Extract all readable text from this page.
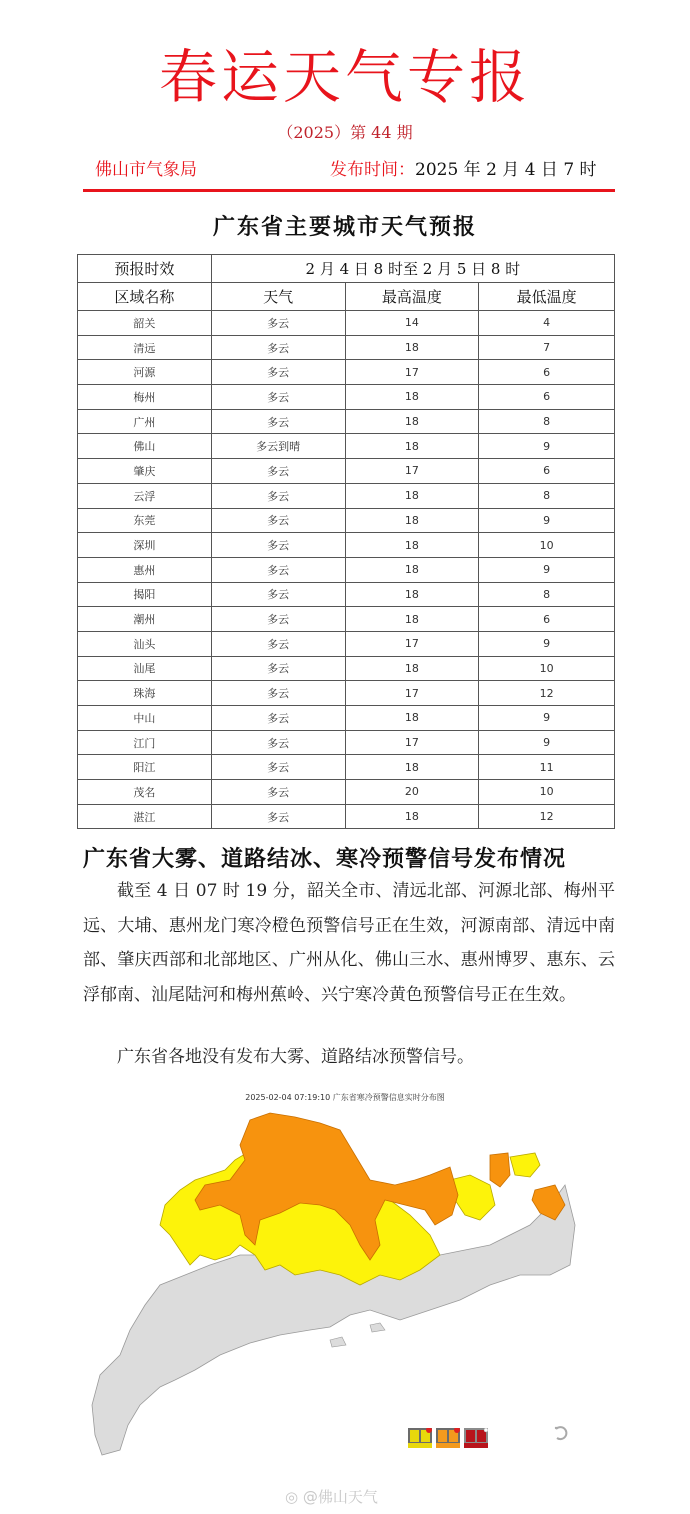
春运天气专报
（2025）第 44 期
佛山市气象局	发布时间：2025 年 2 月 4 日 7 时
广东省主要城市天气预报
预报时效	2 月 4 日 8 时至 2 月 5 日 8 时		
区域名称	天气	最高温度	最低温度
韶关	多云	14	4
清远	多云	18	7
河源	多云	17	6
梅州	多云	18	6
广州	多云	18	8
佛山	多云到晴	18	9
肇庆	多云	17	6
云浮	多云	18	8
东莞	多云	18	9
深圳	多云	18	10
惠州	多云	18	9
揭阳	多云	18	8
潮州	多云	18	6
汕头	多云	17	9
汕尾	多云	18	10
珠海	多云	17	12
中山	多云	18	9
江门	多云	17	9
阳江	多云	18	11
茂名	多云	20	10
湛江	多云	18	12
广东省大雾、道路结冰、寒冷预警信号发布情况
截至 4 日 07 时 19 分，韶关全市、清远北部、河源北部、梅州平远、大埔、惠州龙门寒冷橙色预警信号正在生效，河源南部、清远中南部、肇庆西部和北部地区、广州从化、佛山三水、惠州博罗、惠东、云浮郁南、汕尾陆河和梅州蕉岭、兴宁寒冷黄色预警信号正在生效。
广东省各地没有发布大雾、道路结冰预警信号。
2025-02-04 07:19:10 广东省寒冷预警信息实时分布图
◎ @佛山天气
